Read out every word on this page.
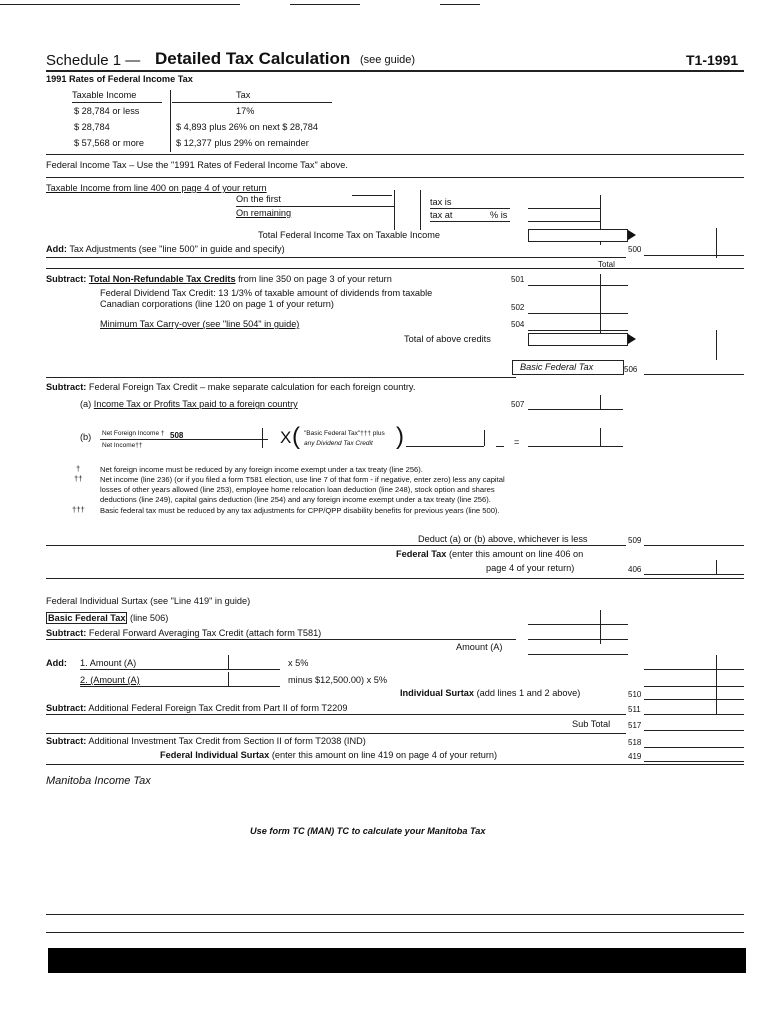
Schedule 1 — Detailed Tax Calculation (see guide)	T1-1991
1991 Rates of Federal Income Tax
Taxable Income	Tax
$ 28,784 or less	17%
$ 28,784	$ 4,893 plus 26% on next $ 28,784
$ 57,568 or more	$ 12,377 plus 29% on remainder
Federal Income Tax – Use the "1991 Rates of Federal Income Tax" above.
Taxable Income from line 400 on page 4 of your return
On the first
On remaining
tax is
tax at	% is
Total Federal Income Tax on Taxable Income
Add: Tax Adjustments (see "line 500" in guide and specify)	500
Total
Subtract: Total Non-Refundable Tax Credits from line 350 on page 3 of your return	501
Federal Dividend Tax Credit: 13 1/3% of taxable amount of dividends from taxable
Canadian corporations (line 120 on page 1 of your return)	502
Minimum Tax Carry-over (see "line 504" in guide)	504
Total of above credits
Basic Federal Tax	506
Subtract: Federal Foreign Tax Credit – make separate calculation for each foreign country.
(a) Income Tax or Profits Tax paid to a foreign country	507
(b) Net Foreign Income † 508
Net Income††	X ( "Basic Federal Tax"††† plus
any Dividend Tax Credit )	=
†	Net foreign income must be reduced by any foreign income exempt under a tax treaty (line 256).
†† Net income (line 236) (or if you filed a form T581 election, use line 7 of that form - if negative, enter zero) less any capital
losses of other years allowed (line 253), employee home relocation loan deduction (line 248), stock option and shares
deductions (line 249), capital gains deduction (line 254) and any foreign income exempt under a tax treaty (line 256).
††† Basic federal tax must be reduced by any tax adjustments for CPP/QPP disability benefits for previous years (line 500).
Deduct (a) or (b) above, whichever is less	509
Federal Tax (enter this amount on line 406 on
page 4 of your return)	406
Federal Individual Surtax (see "Line 419" in guide)
Basic Federal Tax (line 506)
Subtract: Federal Forward Averaging Tax Credit (attach form T581)
Amount (A)
Add: 1. Amount (A)	x 5%
2. (Amount (A)	minus $12,500.00) x 5%
Individual Surtax (add lines 1 and 2 above)	510
Subtract: Additional Federal Foreign Tax Credit from Part II of form T2209	511
Sub Total 517
Subtract: Additional Investment Tax Credit from Section II of form T2038 (IND)	518
Federal Individual Surtax (enter this amount on line 419 on page 4 of your return)	419
Manitoba Income Tax
Use form TC (MAN) TC to calculate your Manitoba Tax
